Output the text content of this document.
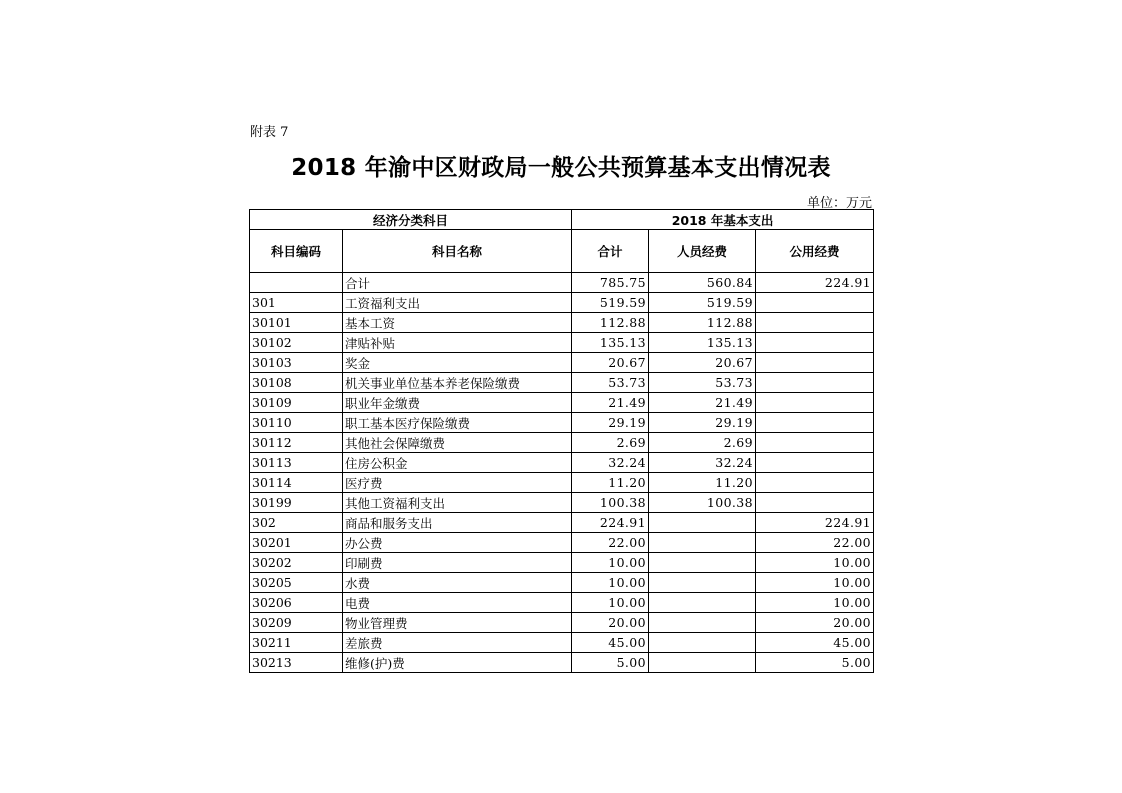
附表 7
2018 年渝中区财政局一般公共预算基本支出情况表
单位：万元
经济分类科目		2018 年基本支出		
科目编码	科目名称	合计	人员经费	公用经费
	合计	785.75	560.84	224.91
301	工资福利支出	519.59	519.59	
30101	基本工资	112.88	112.88	
30102	津贴补贴	135.13	135.13	
30103	奖金	20.67	20.67	
30108	机关事业单位基本养老保险缴费	53.73	53.73	
30109	职业年金缴费	21.49	21.49	
30110	职工基本医疗保险缴费	29.19	29.19	
30112	其他社会保障缴费	2.69	2.69	
30113	住房公积金	32.24	32.24	
30114	医疗费	11.20	11.20	
30199	其他工资福利支出	100.38	100.38	
302	商品和服务支出	224.91		224.91
30201	办公费	22.00		22.00
30202	印刷费	10.00		10.00
30205	水费	10.00		10.00
30206	电费	10.00		10.00
30209	物业管理费	20.00		20.00
30211	差旅费	45.00		45.00
30213	维修(护)费	5.00		5.00
